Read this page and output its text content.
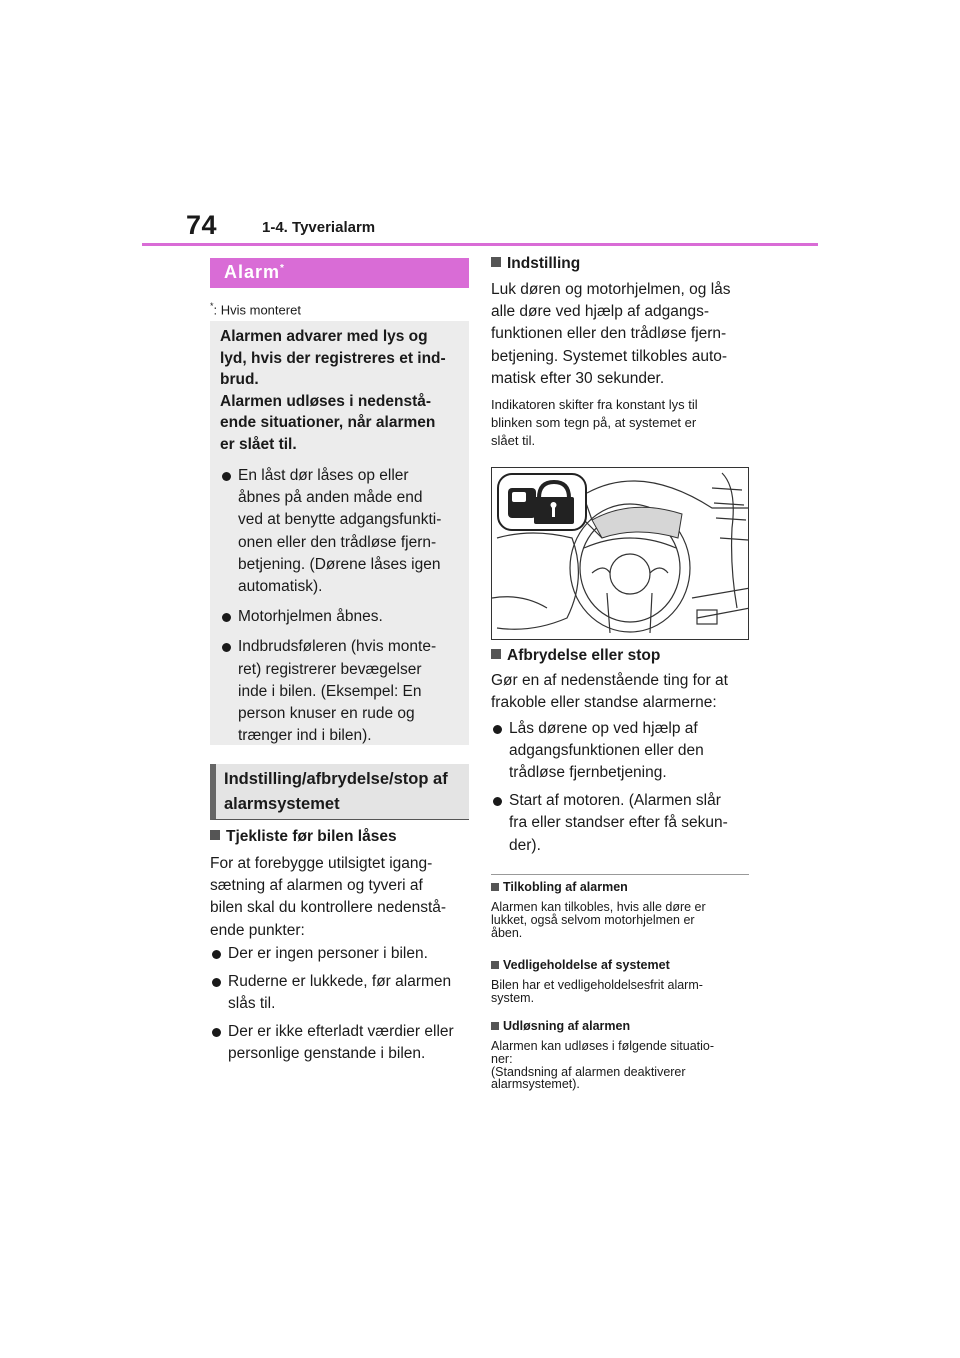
74	1-4. Tyverialarm
Alarm*
*: Hvis monteret

Alarmen advarer med lys og
lyd, hvis der registreres et ind-
brud.
Alarmen udløses i nedenstå-
ende situationer, når alarmen
er slået til.

En låst dør låses op eller
åbnes på anden måde end
ved at benytte adgangsfunkti-
onen eller den trådløse fjern-
betjening. (Dørene låses igen
automatisk).
Motorhjelmen åbnes.
Indbrudsføleren (hvis monte-
ret) registrerer bevægelser
inde i bilen. (Eksempel: En
person knuser en rude og
trænger ind i bilen).
Indstilling/afbrydelse/stop af
alarmsystemet
Tjekliste før bilen låses
For at forebygge utilsigtet igang-
sætning af alarmen og tyveri af
bilen skal du kontrollere nedenstå-
ende punkter:
Der er ingen personer i bilen.
Ruderne er lukkede, før alarmen
slås til.
Der er ikke efterladt værdier eller
personlige genstande i bilen.
Indstilling
Luk døren og motorhjelmen, og lås
alle døre ved hjælp af adgangs-
funktionen eller den trådløse fjern-
betjening. Systemet tilkobles auto-
matisk efter 30 sekunder.
Indikatoren skifter fra konstant lys til
blinken som tegn på, at systemet er
slået til.
Afbrydelse eller stop
Gør en af nedenstående ting for at
frakoble eller standse alarmerne:
Lås dørene op ved hjælp af
adgangsfunktionen eller den
trådløse fjernbetjening.
Start af motoren. (Alarmen slår
fra eller standser efter få sekun-
der).
Tilkobling af alarmen
Alarmen kan tilkobles, hvis alle døre er
lukket, også selvom motorhjelmen er
åben.
Vedligeholdelse af systemet
Bilen har et vedligeholdelsesfrit alarm-
system.
Udløsning af alarmen
Alarmen kan udløses i følgende situatio-
ner:
(Standsning af alarmen deaktiverer
alarmsystemet).
